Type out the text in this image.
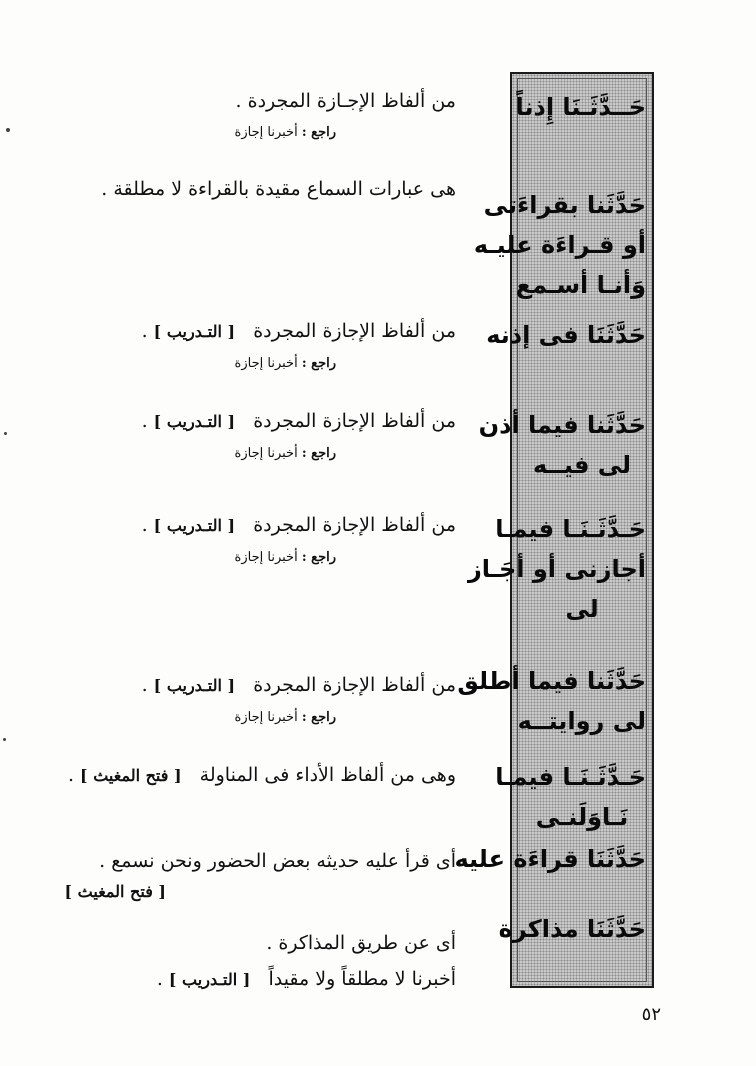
حَــدَّثَـنَا إِذناً
حَدَّثَنا بقراءَتى
أو قـراءَة عليـه
وَأنـا أسـمع
حَدَّثَنَا فى إذنه
حَدَّثَنا فيما أذن
لى فيــه
حَـدَّثَـنَـا فيمـا
أجازنى أو أجَـاز
لى
حَدَّثَنا فيما أطلق
لى روايتــه
حَـدَّثَـنَـا فيمـا
نَـاوَلَنـى
حَدَّثَنَا قراءَة عليه
حَدَّثَنَا مذاكرة
من ألفاظ الإجـازة المجردة .
راجع : أخبرنا إجازة
هى عبارات السماع مقيدة بالقراءة لا مطلقة .
من ألفاظ الإجازة المجردة   [ التـدريب ] .
راجع : أخبرنا إجازة
من ألفاظ الإجازة المجردة   [ التـدريب ] .
راجع : أخبرنا إجازة
من ألفاظ الإجازة المجردة   [ التـدريب ] .
راجع : أخبرنا إجازة
من ألفاظ الإجازة المجردة   [ التـدريب ] .
راجع : أخبرنا إجازة
وهى من ألفاظ الأداء فى المناولة   [ فتح المغيث ] .
أى قرأ عليه حديثه بعض الحضور ونحن نسمع .
[ فتح المغيث ]
أى عن طريق المذاكرة .
أخبرنا لا مطلقاً ولا مقيداً   [ التـدريب ] .
٥٢
